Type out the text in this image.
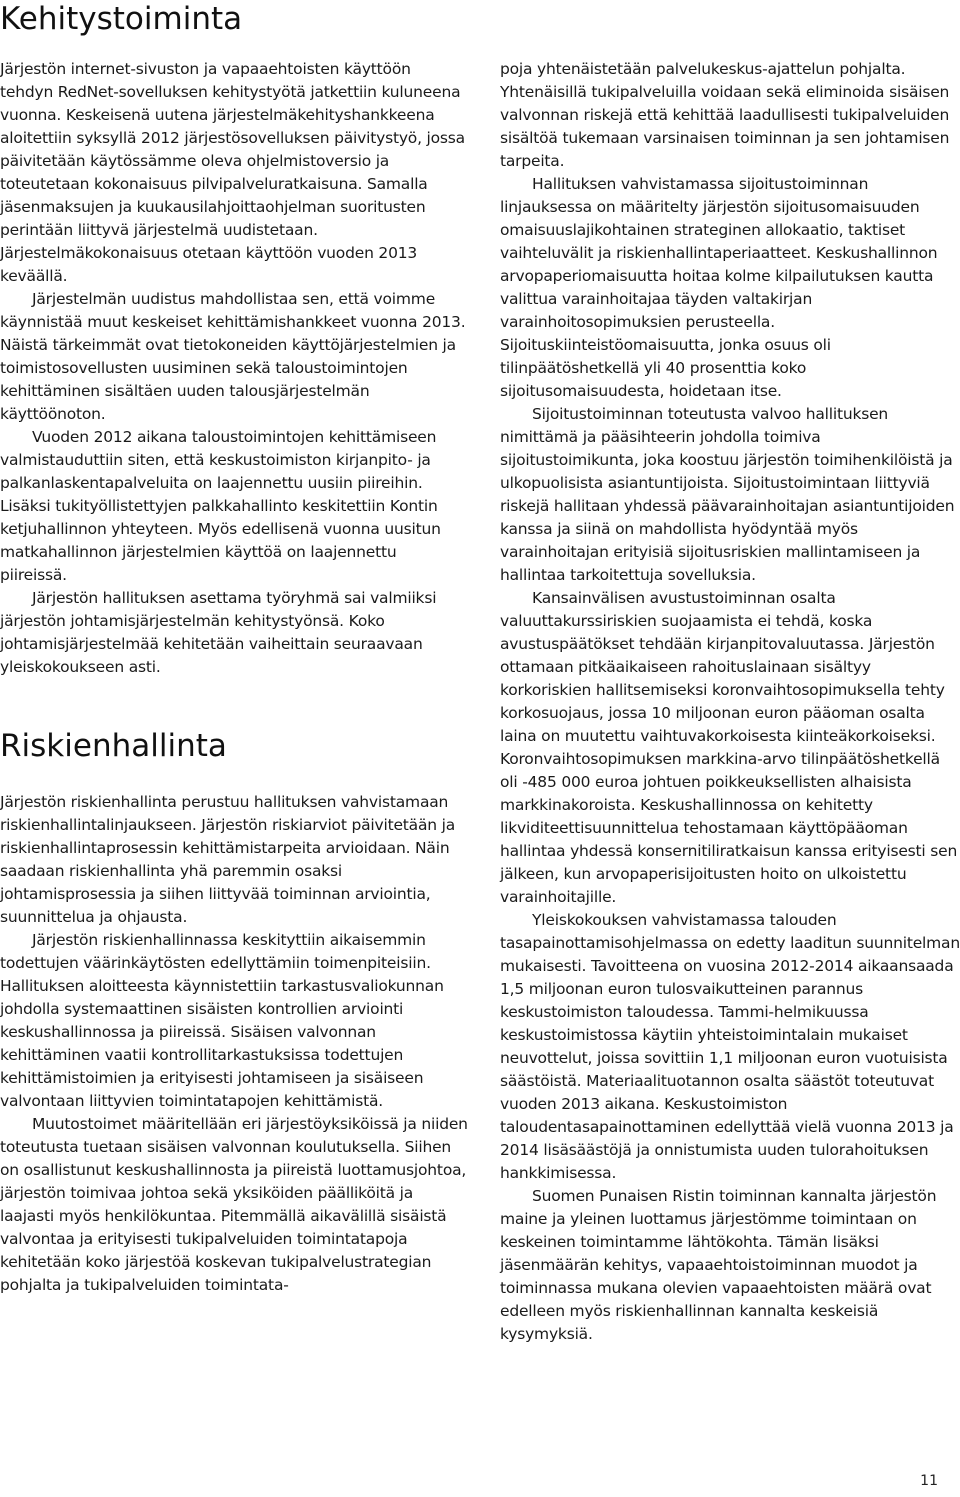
Kehitystoiminta

Järjestön internet-sivuston ja vapaaehtoisten käyttöön tehdyn RedNet-sovelluksen kehitystyötä jatkettiin kuluneena vuonna. Keskeisenä uutena järjestelmäkehityshankkeena aloitettiin syksyllä 2012 järjestösovelluksen päivitystyö, jossa päivitetään käytössämme oleva ohjelmistoversio ja toteutetaan kokonaisuus pilvipalveluratkaisuna. Samalla jäsenmaksujen ja kuukausilahjoittaohjelman suoritusten perintään liittyvä järjestelmä uudistetaan. Järjestelmäkokonaisuus otetaan käyttöön vuoden 2013 keväällä.

Järjestelmän uudistus mahdollistaa sen, että voimme käynnistää muut keskeiset kehittämishankkeet vuonna 2013. Näistä tärkeimmät ovat tietokoneiden käyttöjärjestelmien ja toimistosovellusten uusiminen sekä taloustoimintojen kehittäminen sisältäen uuden talousjärjestelmän käyttöönoton.

Vuoden 2012 aikana taloustoimintojen kehittämiseen valmistauduttiin siten, että keskustoimiston kirjanpito- ja palkanlaskentapalveluita on laajennettu uusiin piireihin. Lisäksi tukityöllistettyjen palkkahallinto keskitettiin Kontin ketjuhallinnon yhteyteen. Myös edellisenä vuonna uusitun matkahallinnon järjestelmien käyttöä on laajennettu piireissä.

Järjestön hallituksen asettama työryhmä sai valmiiksi järjestön johtamisjärjestelmän kehitystyönsä. Koko johtamisjärjestelmää kehitetään vaiheittain seuraavaan yleiskokoukseen asti.

Riskienhallinta

Järjestön riskienhallinta perustuu hallituksen vahvistamaan riskienhallintalinjaukseen. Järjestön riskiarviot päivitetään ja riskienhallintaprosessin kehittämistarpeita arvioidaan. Näin saadaan riskienhallinta yhä paremmin osaksi johtamisprosessia ja siihen liittyvää toiminnan arviointia, suunnittelua ja ohjausta.

Järjestön riskienhallinnassa keskityttiin aikaisemmin todettujen väärinkäytösten edellyttämiin toimenpiteisiin. Hallituksen aloitteesta käynnistettiin tarkastusvaliokunnan johdolla systemaattinen sisäisten kontrollien arviointi keskushallinnossa ja piireissä. Sisäisen valvonnan kehittäminen vaatii kontrollitarkastuksissa todettujen kehittämistoimien ja erityisesti johtamiseen ja sisäiseen valvontaan liittyvien toimintatapojen kehittämistä.

Muutostoimet määritellään eri järjestöyksiköissä ja niiden toteutusta tuetaan sisäisen valvonnan koulutuksella. Siihen on osallistunut keskushallinnosta ja piireistä luottamusjohtoa, järjestön toimivaa johtoa sekä yksiköiden päälliköitä ja laajasti myös henkilökuntaa. Pitemmällä aikavälillä sisäistä valvontaa ja erityisesti tukipalveluiden toimintatapoja kehitetään koko järjestöä koskevan tukipalvelustrategian pohjalta ja tukipalveluiden toimintata-

poja yhtenäistetään palvelukeskus-ajattelun pohjalta. Yhtenäisillä tukipalveluilla voidaan sekä eliminoida sisäisen valvonnan riskejä että kehittää laadullisesti tukipalveluiden sisältöä tukemaan varsinaisen toiminnan ja sen johtamisen tarpeita.

Hallituksen vahvistamassa sijoitustoiminnan linjauksessa on määritelty järjestön sijoitusomaisuuden omaisuuslajikohtainen strateginen allokaatio, taktiset vaihteluvälit ja riskienhallintaperiaatteet. Keskushallinnon arvopaperiomaisuutta hoitaa kolme kilpailutuksen kautta valittua varainhoitajaa täyden valtakirjan varainhoitosopimuksien perusteella. Sijoituskiinteistöomaisuutta, jonka osuus oli tilinpäätöshetkellä yli 40 prosenttia koko sijoitusomaisuudesta, hoidetaan itse.

Sijoitustoiminnan toteutusta valvoo hallituksen nimittämä ja pääsihteerin johdolla toimiva sijoitustoimikunta, joka koostuu järjestön toimihenkilöistä ja ulkopuolisista asiantuntijoista. Sijoitustoimintaan liittyviä riskejä hallitaan yhdessä päävarainhoitajan asiantuntijoiden kanssa ja siinä on mahdollista hyödyntää myös varainhoitajan erityisiä sijoitusriskien mallintamiseen ja hallintaa tarkoitettuja sovelluksia.

Kansainvälisen avustustoiminnan osalta valuuttakurssiriskien suojaamista ei tehdä, koska avustuspäätökset tehdään kirjanpitovaluutassa. Järjestön ottamaan pitkäaikaiseen rahoituslainaan sisältyy korkoriskien hallitsemiseksi koronvaihtosopimuksella tehty korkosuojaus, jossa 10 miljoonan euron pääoman osalta laina on muutettu vaihtuvakorkoisesta kiinteäkorkoiseksi. Koronvaihtosopimuksen markkina-arvo tilinpäätöshetkellä oli -485 000 euroa johtuen poikkeuksellisten alhaisista markkinakoroista. Keskushallinnossa on kehitetty likviditeettisuunnittelua tehostamaan käyttöpääoman hallintaa yhdessä konsernitiliratkaisun kanssa erityisesti sen jälkeen, kun arvopaperisijoitusten hoito on ulkoistettu varainhoitajille.

Yleiskokouksen vahvistamassa talouden tasapainottamisohjelmassa on edetty laaditun suunnitelman mukaisesti. Tavoitteena on vuosina 2012-2014 aikaansaada 1,5 miljoonan euron tulosvaikutteinen parannus keskustoimiston taloudessa. Tammi-helmikuussa keskustoimistossa käytiin yhteistoimintalain mukaiset neuvottelut, joissa sovittiin 1,1 miljoonan euron vuotuisista säästöistä. Materiaalituotannon osalta säästöt toteutuvat vuoden 2013 aikana. Keskustoimiston taloudentasapainottaminen edellyttää vielä vuonna 2013 ja 2014 lisäsäästöjä ja onnistumista uuden tulorahoituksen hankkimisessa.

Suomen Punaisen Ristin toiminnan kannalta järjestön maine ja yleinen luottamus järjestömme toimintaan on keskeinen toimintamme lähtökohta. Tämän lisäksi jäsenmäärän kehitys, vapaaehtoistoiminnan muodot ja toiminnassa mukana olevien vapaaehtoisten määrä ovat edelleen myös riskienhallinnan kannalta keskeisiä kysymyksiä.

11
